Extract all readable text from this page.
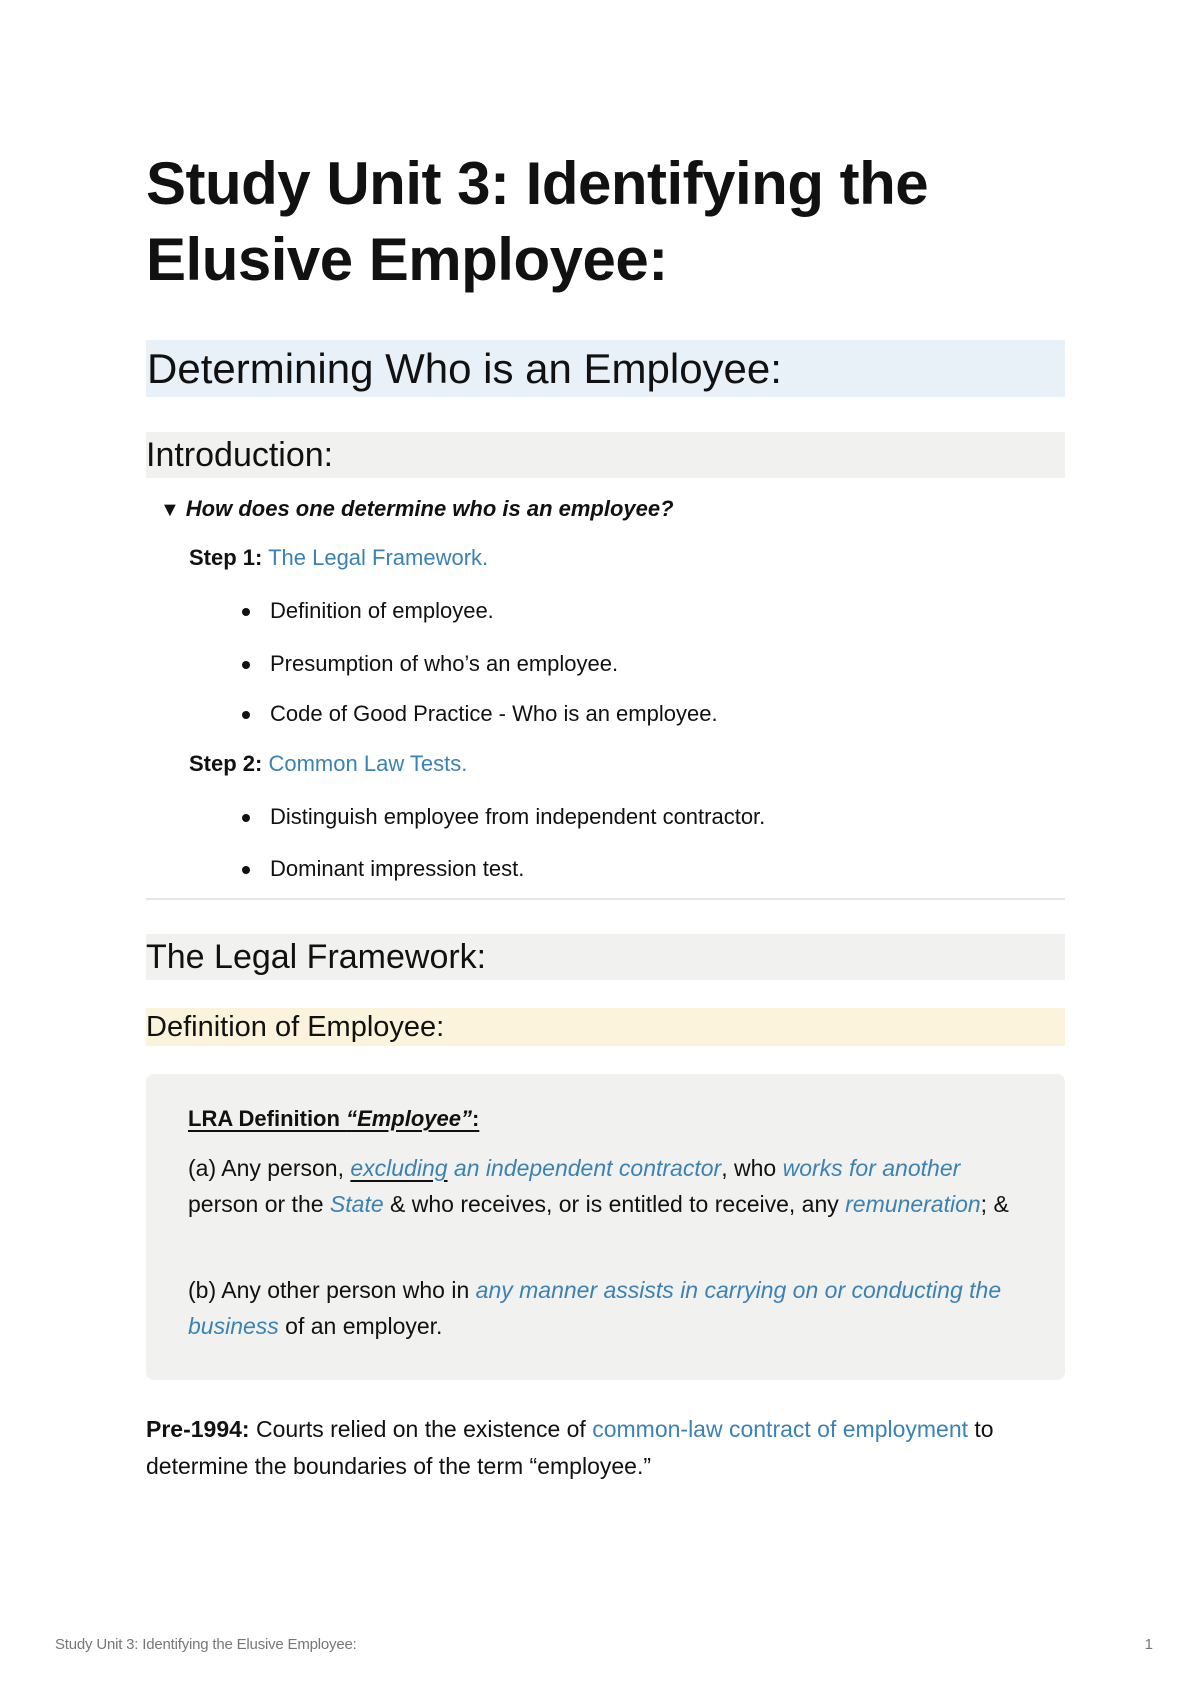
Study Unit 3: Identifying the Elusive Employee:
Determining Who is an Employee:
Introduction:
▼ How does one determine who is an employee?
Step 1: The Legal Framework.
Definition of employee.
Presumption of who’s an employee.
Code of Good Practice - Who is an employee.
Step 2: Common Law Tests.
Distinguish employee from independent contractor.
Dominant impression test.
The Legal Framework:
Definition of Employee:
LRA Definition “Employee”:
(a) Any person, excluding an independent contractor, who works for another person or the State & who receives, or is entitled to receive, any remuneration; &
(b) Any other person who in any manner assists in carrying on or conducting the business of an employer.
Pre-1994: Courts relied on the existence of common-law contract of employment to determine the boundaries of the term “employee.”
Study Unit 3: Identifying the Elusive Employee:	1
